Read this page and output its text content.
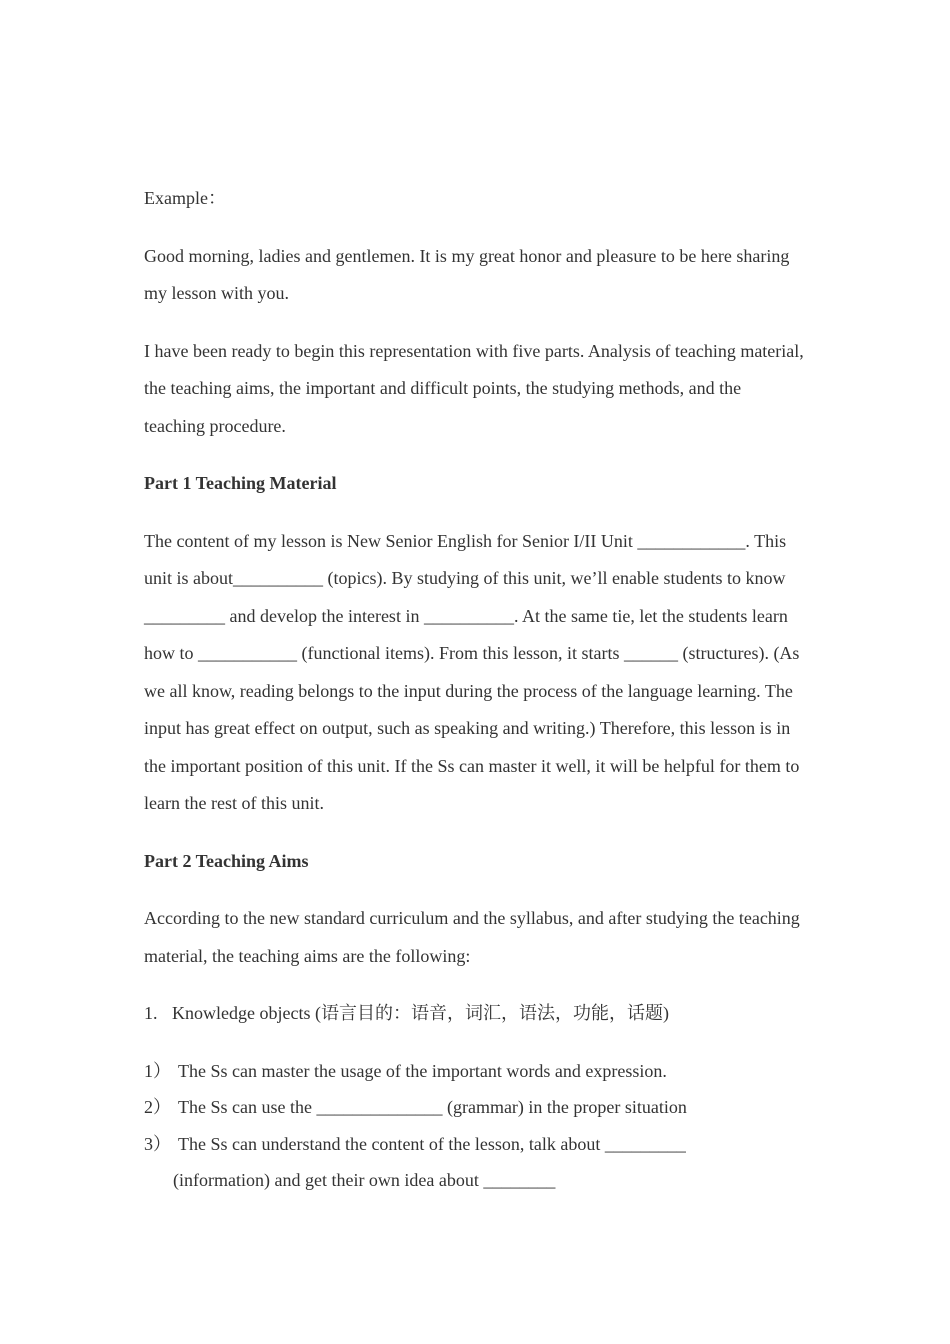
Example：

Good morning, ladies and gentlemen. It is my great honor and pleasure to be here sharing my lesson with you.

I have been ready to begin this representation with five parts. Analysis of teaching material, the teaching aims, the important and difficult points, the studying methods, and the teaching procedure.

Part 1 Teaching Material

The content of my lesson is New Senior English for Senior I/II Unit ____________. This unit is about__________ (topics). By studying of this unit, we’ll enable students to know _________ and develop the interest in __________. At the same tie, let the students learn how to ___________ (functional items). From this lesson, it starts ______ (structures). (As we all know, reading belongs to the input during the process of the language learning. The input has great effect on output, such as speaking and writing.) Therefore, this lesson is in the important position of this unit. If the Ss can master it well, it will be helpful for them to learn the rest of this unit.

Part 2 Teaching Aims

According to the new standard curriculum and the syllabus, and after studying the teaching material, the teaching aims are the following:

1. Knowledge objects (语言目的：语音，词汇，语法，功能，话题)

1） The Ss can master the usage of the important words and expression.
2） The Ss can use the ______________ (grammar) in the proper situation
3） The Ss can understand the content of the lesson, talk about _________
(information) and get their own idea about ________
